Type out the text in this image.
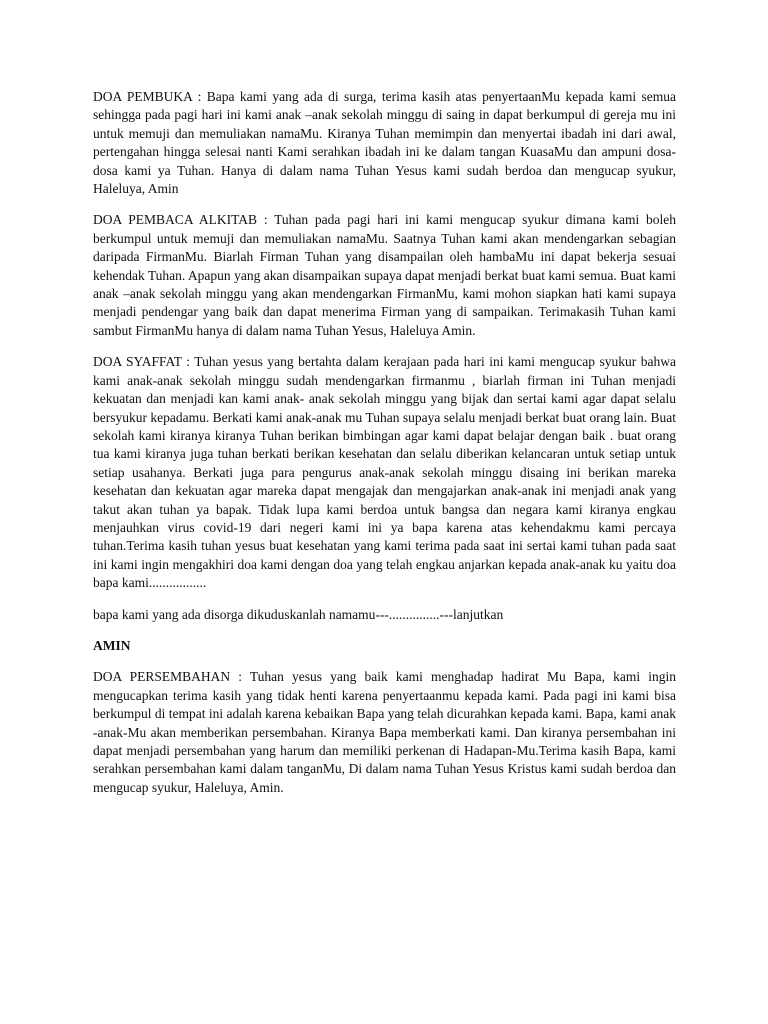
DOA PEMBUKA : Bapa kami yang ada di surga, terima kasih atas penyertaanMu kepada kami semua sehingga pada pagi hari ini kami anak –anak sekolah minggu di saing in dapat berkumpul di gereja mu ini untuk memuji dan memuliakan namaMu. Kiranya Tuhan memimpin dan menyertai ibadah ini dari awal, pertengahan hingga selesai nanti Kami serahkan ibadah ini ke dalam tangan KuasaMu dan ampuni dosa-dosa kami ya Tuhan. Hanya di dalam nama Tuhan Yesus kami sudah berdoa dan mengucap syukur, Haleluya, Amin

DOA PEMBACA ALKITAB : Tuhan pada pagi hari ini kami mengucap syukur dimana kami boleh berkumpul untuk memuji dan memuliakan namaMu. Saatnya Tuhan kami akan mendengarkan sebagian daripada FirmanMu. Biarlah Firman Tuhan yang disampailan oleh hambaMu ini dapat bekerja sesuai kehendak Tuhan. Apapun yang akan disampaikan supaya dapat menjadi berkat buat kami semua. Buat kami anak –anak sekolah minggu yang akan mendengarkan FirmanMu, kami mohon siapkan hati kami supaya menjadi pendengar yang baik dan dapat menerima Firman yang di sampaikan. Terimakasih Tuhan kami sambut FirmanMu hanya di dalam nama Tuhan Yesus, Haleluya Amin.

DOA SYAFFAT : Tuhan yesus yang bertahta dalam kerajaan pada hari ini kami mengucap syukur bahwa kami anak-anak sekolah minggu sudah mendengarkan firmanmu , biarlah firman ini Tuhan menjadi kekuatan dan menjadi kan kami anak- anak sekolah minggu yang bijak dan sertai kami agar dapat selalu bersyukur kepadamu. Berkati kami anak-anak mu Tuhan supaya selalu menjadi berkat buat orang lain. Buat sekolah kami kiranya kiranya Tuhan berikan bimbingan agar kami dapat belajar dengan baik . buat orang tua kami kiranya juga tuhan berkati berikan kesehatan dan selalu diberikan kelancaran untuk setiap untuk setiap usahanya. Berkati juga para pengurus anak-anak sekolah minggu disaing ini berikan mareka kesehatan dan kekuatan agar mareka dapat mengajak dan mengajarkan anak-anak ini menjadi anak yang takut akan tuhan ya bapak. Tidak lupa kami berdoa untuk bangsa dan negara kami kiranya engkau menjauhkan virus covid-19 dari negeri kami ini ya bapa karena atas kehendakmu kami percaya tuhan.Terima kasih tuhan yesus buat kesehatan yang kami terima pada saat ini sertai kami tuhan pada saat ini kami ingin mengakhiri doa kami dengan doa yang telah engkau anjarkan kepada anak-anak ku yaitu doa bapa kami.................

bapa kami yang ada disorga dikuduskanlah namamu---...............---lanjutkan

AMIN

DOA PERSEMBAHAN : Tuhan yesus yang baik kami menghadap hadirat Mu Bapa, kami ingin mengucapkan terima kasih yang tidak henti karena penyertaanmu kepada kami. Pada pagi ini kami bisa berkumpul di tempat ini adalah karena kebaikan Bapa yang telah dicurahkan kepada kami. Bapa, kami anak -anak-Mu akan memberikan persembahan. Kiranya Bapa memberkati kami. Dan kiranya persembahan ini dapat menjadi persembahan yang harum dan memiliki perkenan di Hadapan-Mu.Terima kasih Bapa, kami serahkan persembahan kami dalam tanganMu, Di dalam nama Tuhan Yesus Kristus kami sudah berdoa dan mengucap syukur, Haleluya, Amin.
